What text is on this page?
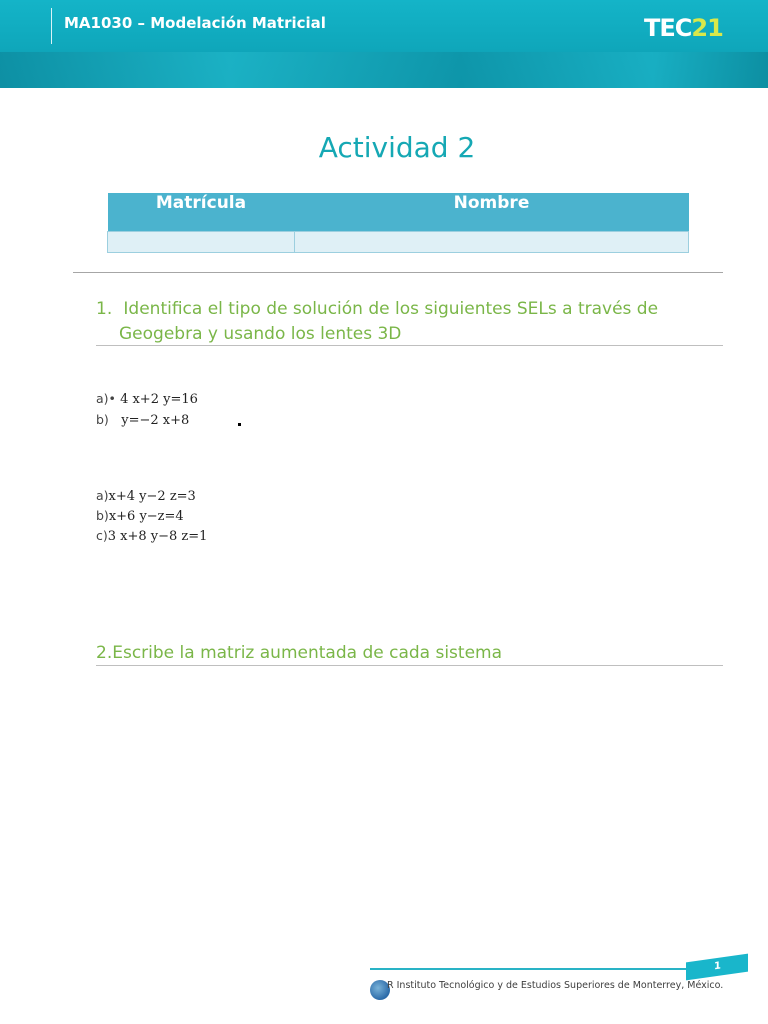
MA1030 – Modelación Matricial	TEC21
Actividad 2
Matrícula	Nombre

1. Identifica el tipo de solución de los siguientes SELs a través de
Geogebra y usando los lentes 3D
a)• 4 x+2 y=16
b) y=−2 x+8
a)x+4 y−2 z=3
b)x+6 y−z=4
c)3 x+8 y−8 z=1
2.Escribe la matriz aumentada de cada sistema
1
R Instituto Tecnológico y de Estudios Superiores de Monterrey, México.
